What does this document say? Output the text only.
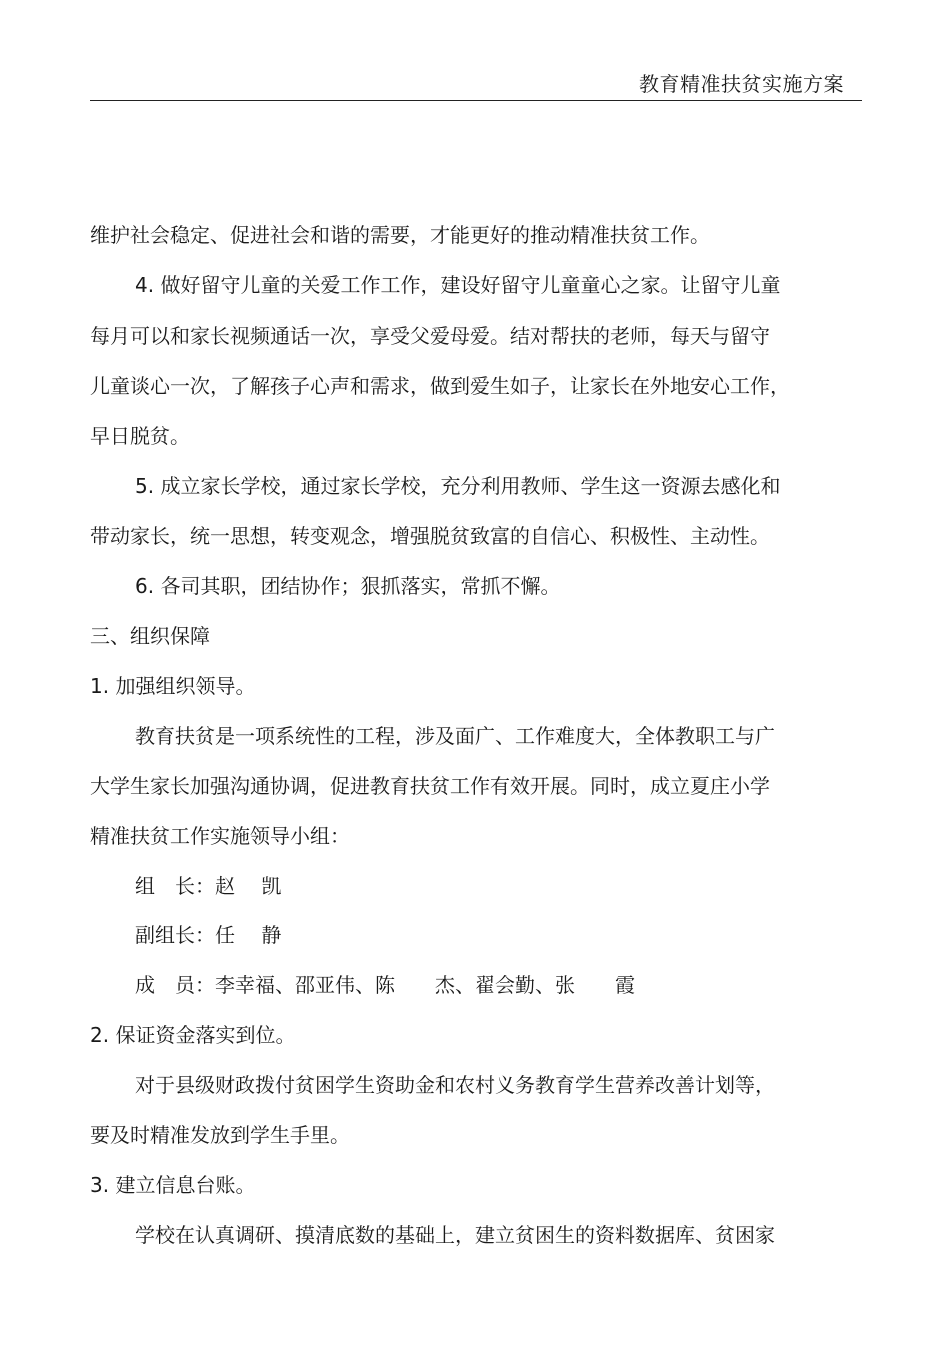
教育精准扶贫实施方案
维护社会稳定、促进社会和谐的需要，才能更好的推动精准扶贫工作。
4. 做好留守儿童的关爱工作工作，建设好留守儿童童心之家。让留守儿童
每月可以和家长视频通话一次，享受父爱母爱。结对帮扶的老师，每天与留守
儿童谈心一次，了解孩子心声和需求，做到爱生如子，让家长在外地安心工作，
早日脱贫。
5. 成立家长学校，通过家长学校，充分利用教师、学生这一资源去感化和
带动家长，统一思想，转变观念，增强脱贫致富的自信心、积极性、主动性。
6. 各司其职，团结协作；狠抓落实，常抓不懈。
三、组织保障
1. 加强组织领导。
教育扶贫是一项系统性的工程，涉及面广、工作难度大，全体教职工与广
大学生家长加强沟通协调，促进教育扶贫工作有效开展。同时，成立夏庄小学
精准扶贫工作实施领导小组：
组　长：赵　 凯
副组长：任　 静
成　员：李幸福、邵亚伟、陈　　杰、翟会勤、张　　霞
2. 保证资金落实到位。
对于县级财政拨付贫困学生资助金和农村义务教育学生营养改善计划等，
要及时精准发放到学生手里。
3. 建立信息台账。
学校在认真调研、摸清底数的基础上，建立贫困生的资料数据库、贫困家
